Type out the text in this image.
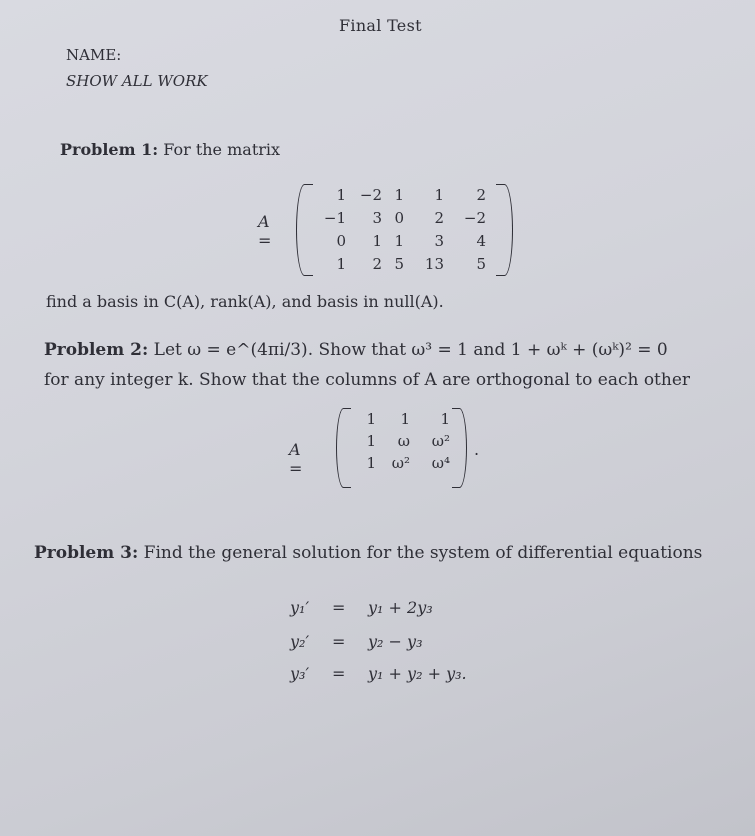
Final Test
NAME:
SHOW ALL WORK
Problem 1: For the matrix
A =
1 −2 1	1	2
−1	3 0	2	−2
0	1 1	3	4
1	2 5	13	5
find a basis in C(A), rank(A), and basis in null(A).
Problem 2: Let ω = e^(4πi/3). Show that ω³ = 1 and 1 + ωᵏ + (ωᵏ)² = 0
for any integer k. Show that the columns of A are orthogonal to each other
A =
1	1	1
1	ω	ω²
1	ω²	ω⁴
.
Problem 3: Find the general solution for the system of differential equations
y₁′ = y₁ + 2y₃
y₂′ = y₂ − y₃
y₃′ = y₁ + y₂ + y₃.
